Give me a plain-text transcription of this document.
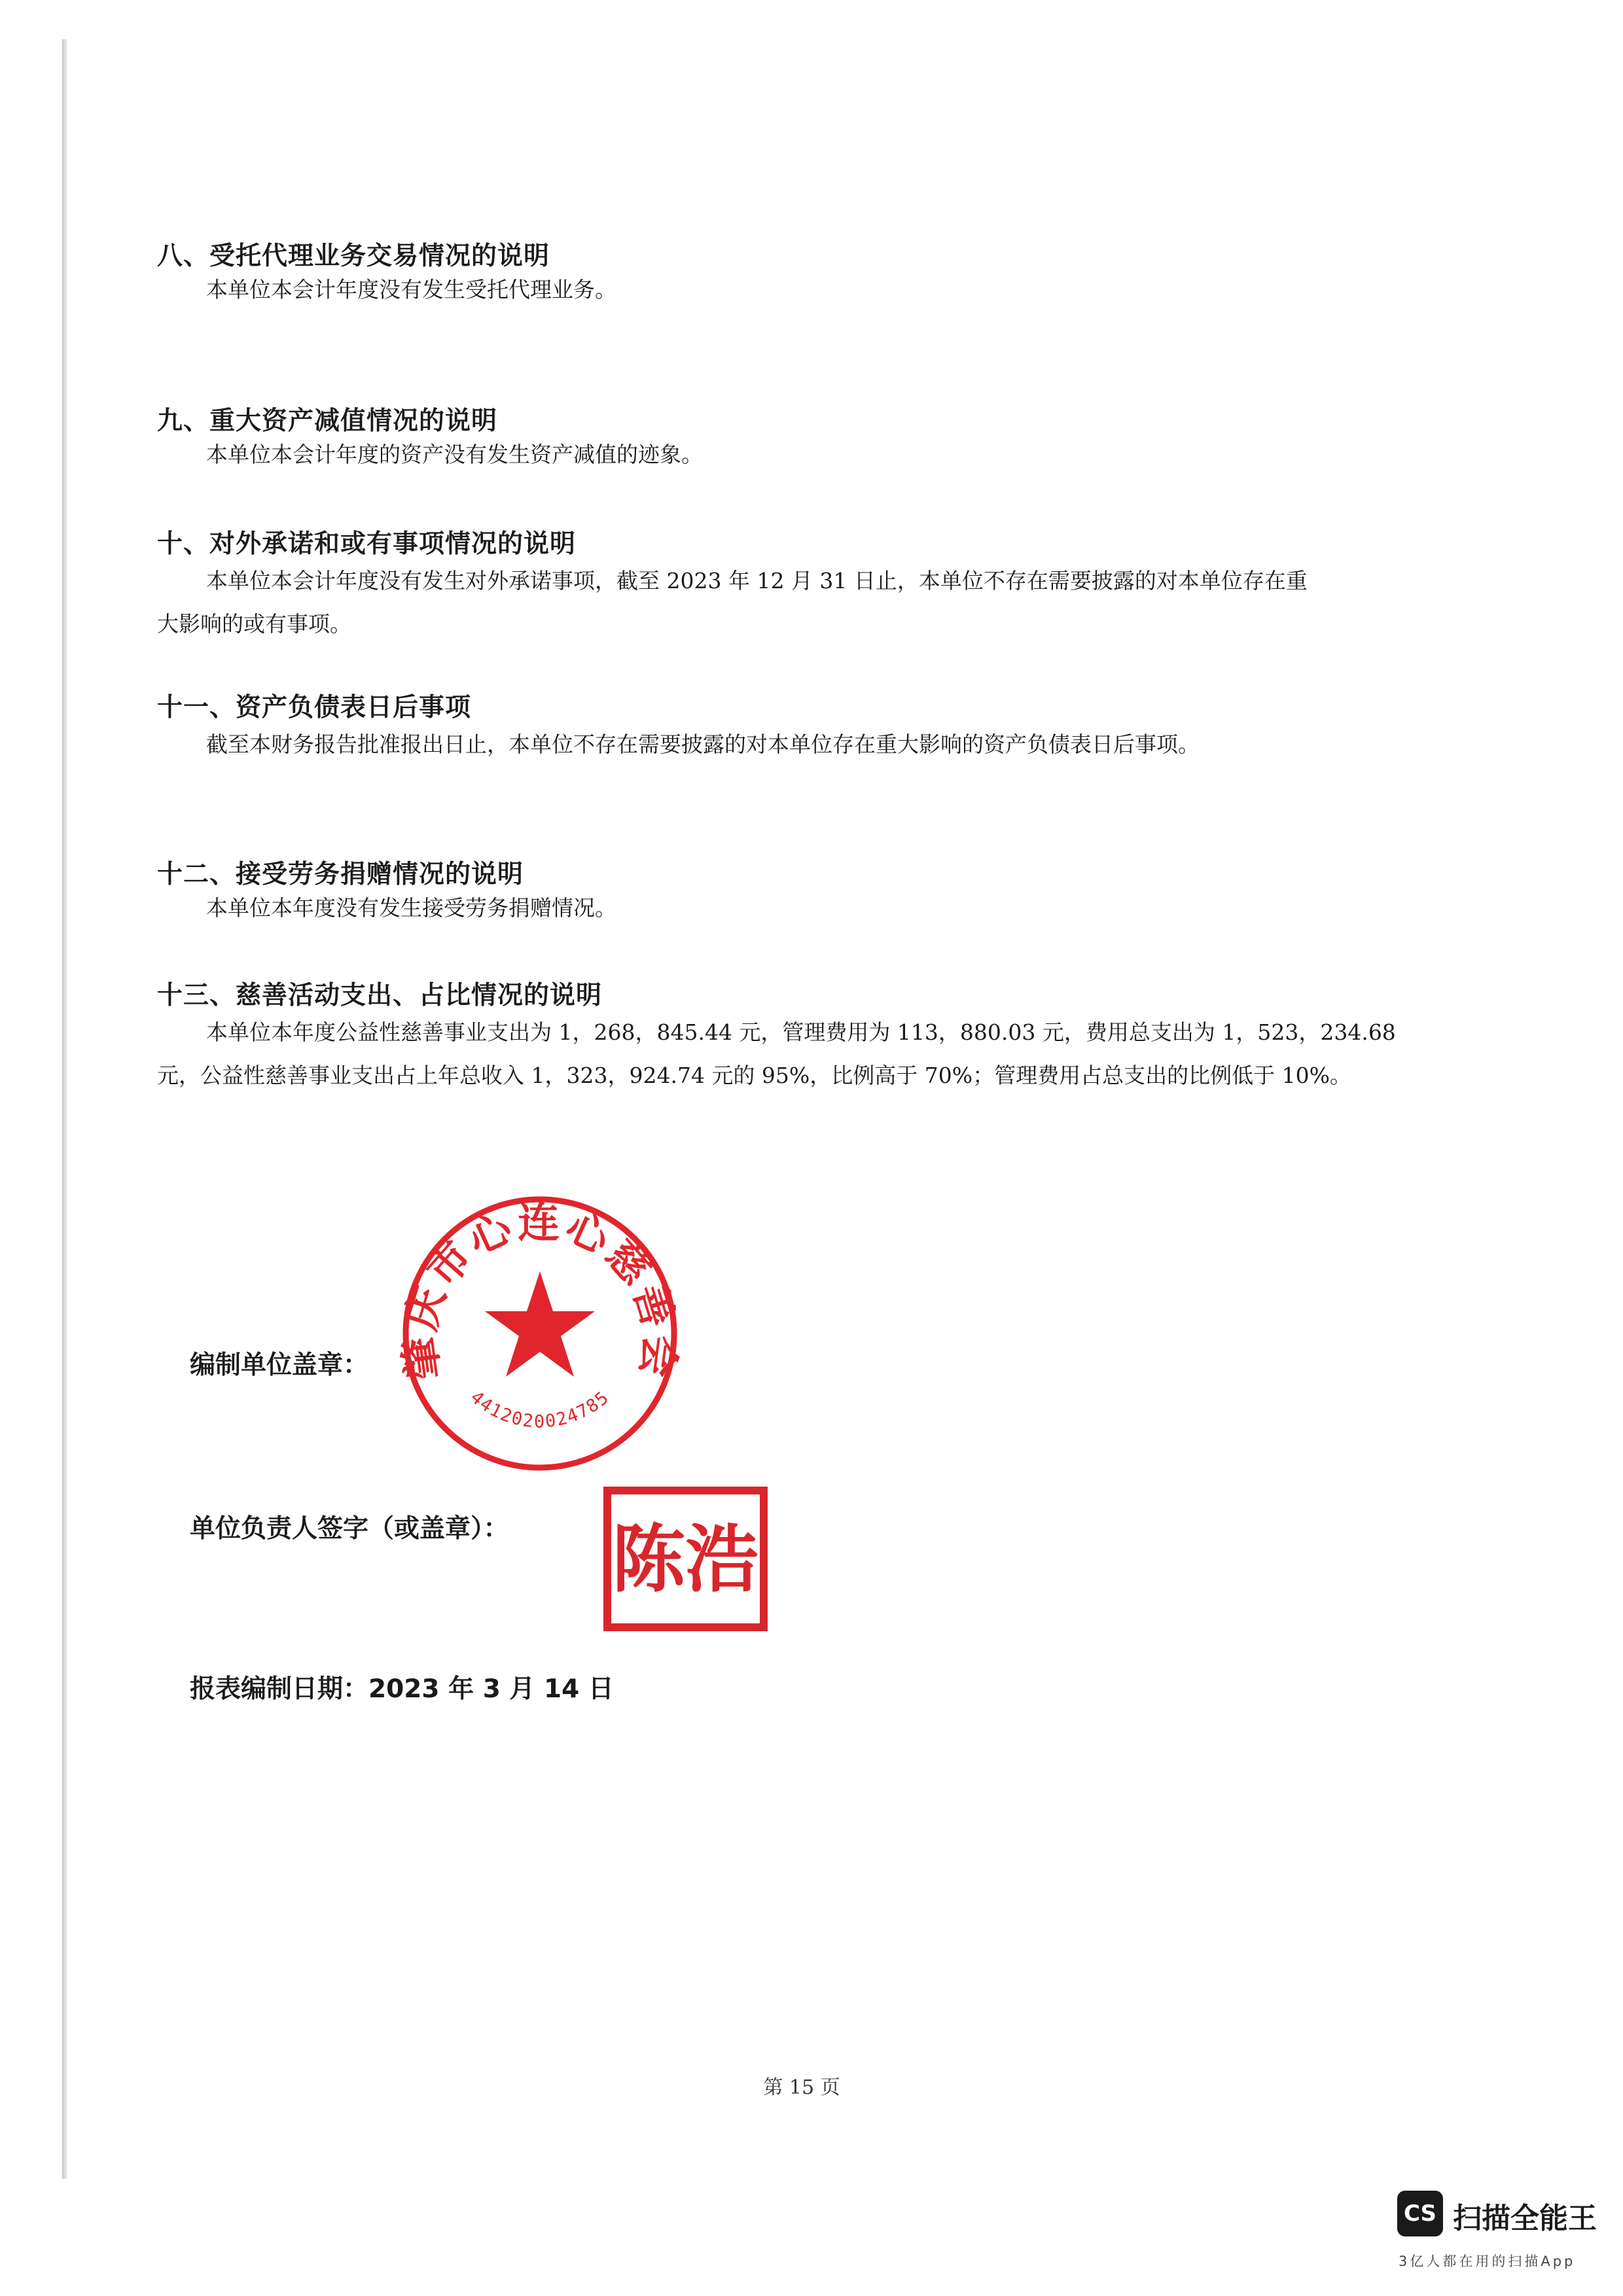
八、受托代理业务交易情况的说明
本单位本会计年度没有发生受托代理业务。
九、重大资产减值情况的说明
本单位本会计年度的资产没有发生资产减值的迹象。
十、对外承诺和或有事项情况的说明
本单位本会计年度没有发生对外承诺事项，截至 2023 年 12 月 31 日止，本单位不存在需要披露的对本单位存在重
大影响的或有事项。
十一、资产负债表日后事项
截至本财务报告批准报出日止，本单位不存在需要披露的对本单位存在重大影响的资产负债表日后事项。
十二、接受劳务捐赠情况的说明
本单位本年度没有发生接受劳务捐赠情况。
十三、慈善活动支出、占比情况的说明
本单位本年度公益性慈善事业支出为 1，268，845.44 元，管理费用为 113，880.03 元，费用总支出为 1，523，234.68
元，公益性慈善事业支出占上年总收入 1，323，924.74 元的 95%，比例高于 70%；管理费用占总支出的比例低于 10%。
编制单位盖章： 肇庆市心连心慈善会
4412020024785
单位负责人签字（或盖章）： 陈浩
报表编制日期：2023 年 3 月 14 日
第 15 页
CS 扫描全能王
3亿人都在用的扫描App
